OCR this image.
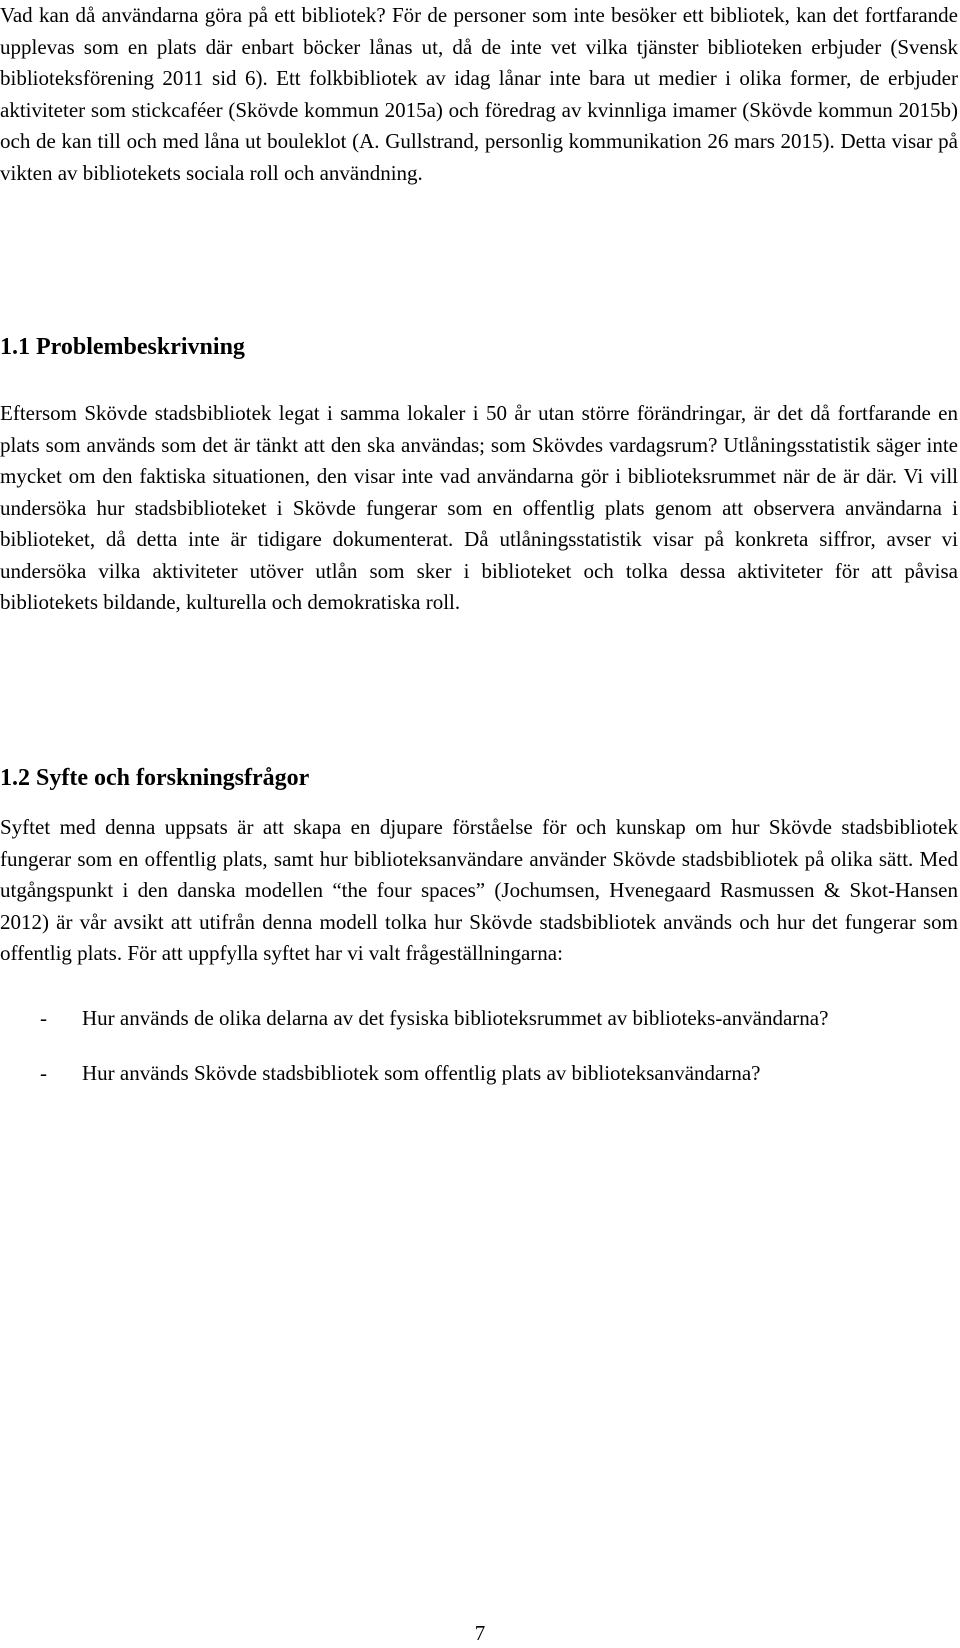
Vad kan då användarna göra på ett bibliotek? För de personer som inte besöker ett bibliotek, kan det fortfarande upplevas som en plats där enbart böcker lånas ut, då de inte vet vilka tjänster biblioteken erbjuder (Svensk biblioteksförening 2011 sid 6). Ett folkbibliotek av idag lånar inte bara ut medier i olika former, de erbjuder aktiviteter som stickcaféer (Skövde kommun 2015a) och föredrag av kvinnliga imamer (Skövde kommun 2015b) och de kan till och med låna ut bouleklot (A. Gullstrand, personlig kommunikation 26 mars 2015). Detta visar på vikten av bibliotekets sociala roll och användning.

1.1 Problembeskrivning

Eftersom Skövde stadsbibliotek legat i samma lokaler i 50 år utan större förändringar, är det då fortfarande en plats som används som det är tänkt att den ska användas; som Skövdes vardagsrum? Utlåningsstatistik säger inte mycket om den faktiska situationen, den visar inte vad användarna gör i biblioteksrummet när de är där. Vi vill undersöka hur stadsbiblioteket i Skövde fungerar som en offentlig plats genom att observera användarna i biblioteket, då detta inte är tidigare dokumenterat. Då utlåningsstatistik visar på konkreta siffror, avser vi undersöka vilka aktiviteter utöver utlån som sker i biblioteket och tolka dessa aktiviteter för att påvisa bibliotekets bildande, kulturella och demokratiska roll.

1.2 Syfte och forskningsfrågor

Syftet med denna uppsats är att skapa en djupare förståelse för och kunskap om hur Skövde stadsbibliotek fungerar som en offentlig plats, samt hur biblioteksanvändare använder Skövde stadsbibliotek på olika sätt. Med utgångspunkt i den danska modellen “the four spaces” (Jochumsen, Hvenegaard Rasmussen & Skot-Hansen 2012) är vår avsikt att utifrån denna modell tolka hur Skövde stadsbibliotek används och hur det fungerar som offentlig plats. För att uppfylla syftet har vi valt frågeställningarna:

- Hur används de olika delarna av det fysiska biblioteksrummet av biblioteks-användarna?
- Hur används Skövde stadsbibliotek som offentlig plats av biblioteksanvändarna?
7
